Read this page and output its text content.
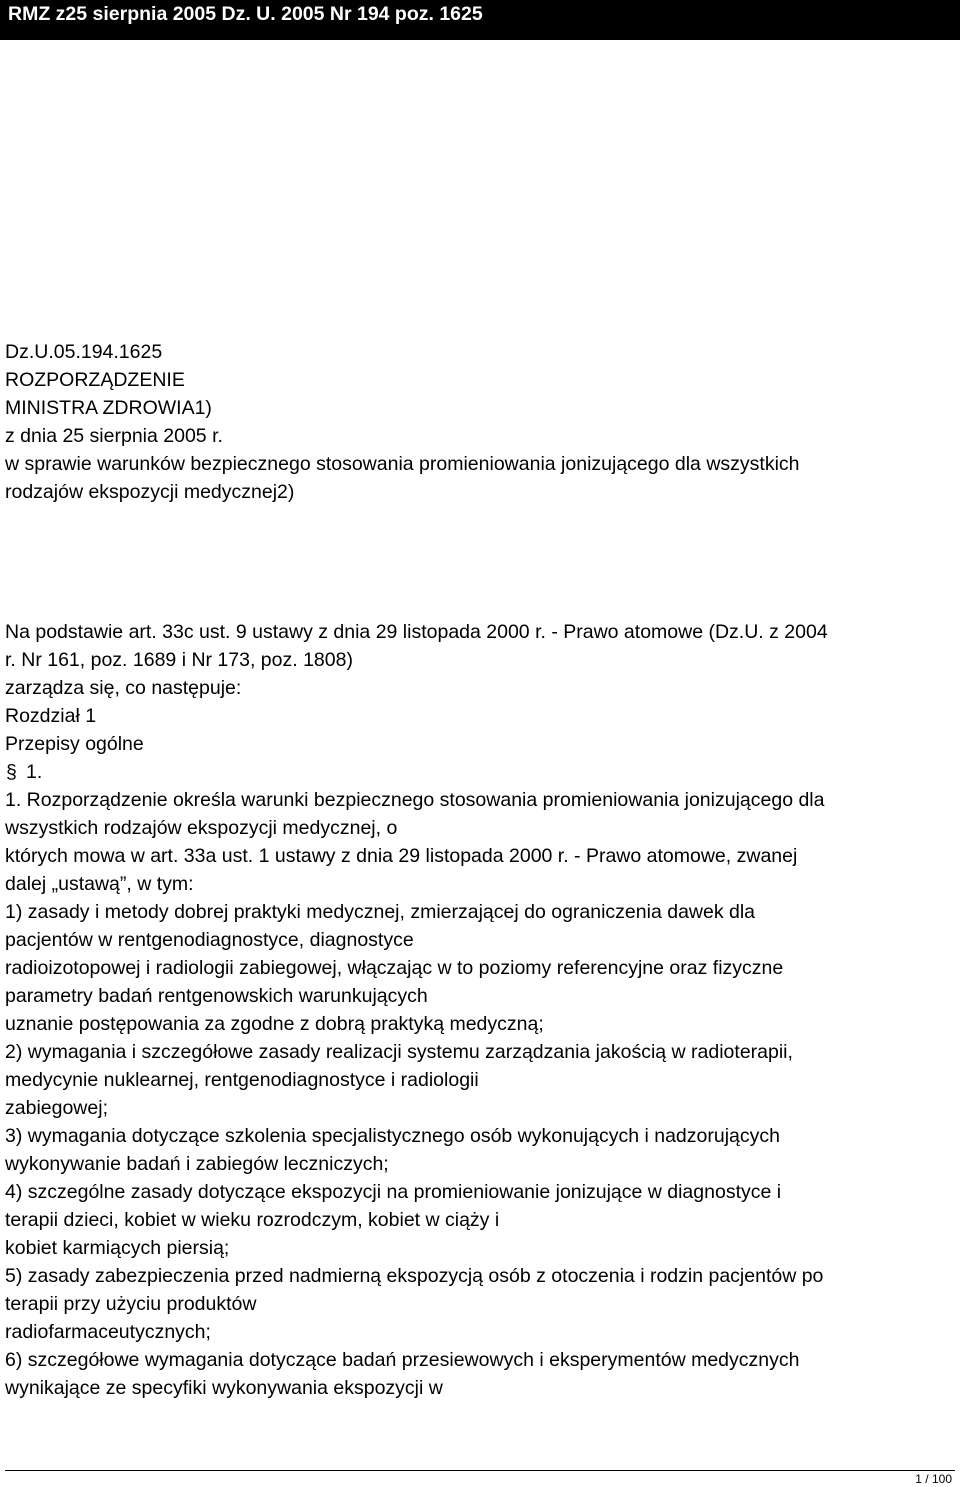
RMZ z25 sierpnia 2005 Dz. U. 2005 Nr 194 poz. 1625
Dz.U.05.194.1625
ROZPORZĄDZENIE
MINISTRA ZDROWIA1)
z dnia 25 sierpnia 2005 r.
w sprawie warunków bezpiecznego stosowania promieniowania jonizującego dla wszystkich
rodzajów ekspozycji medycznej2)
Na podstawie art. 33c ust. 9 ustawy z dnia 29 listopada 2000 r. - Prawo atomowe (Dz.U. z 2004
r. Nr 161, poz. 1689 i Nr 173, poz. 1808)
zarządza się, co następuje:
Rozdział 1
Przepisy ogólne
§ 1.
1. Rozporządzenie określa warunki bezpiecznego stosowania promieniowania jonizującego dla
wszystkich rodzajów ekspozycji medycznej, o
których mowa w art. 33a ust. 1 ustawy z dnia 29 listopada 2000 r. - Prawo atomowe, zwanej
dalej „ustawą”, w tym:
1) zasady i metody dobrej praktyki medycznej, zmierzającej do ograniczenia dawek dla
pacjentów w rentgenodiagnostyce, diagnostyce
radioizotopowej i radiologii zabiegowej, włączając w to poziomy referencyjne oraz fizyczne
parametry badań rentgenowskich warunkujących
uznanie postępowania za zgodne z dobrą praktyką medyczną;
2) wymagania i szczegółowe zasady realizacji systemu zarządzania jakością w radioterapii,
medycynie nuklearnej, rentgenodiagnostyce i radiologii
zabiegowej;
3) wymagania dotyczące szkolenia specjalistycznego osób wykonujących i nadzorujących
wykonywanie badań i zabiegów leczniczych;
4) szczególne zasady dotyczące ekspozycji na promieniowanie jonizujące w diagnostyce i
terapii dzieci, kobiet w wieku rozrodczym, kobiet w ciąży i
kobiet karmiących piersią;
5) zasady zabezpieczenia przed nadmierną ekspozycją osób z otoczenia i rodzin pacjentów po
terapii przy użyciu produktów
radiofarmaceutycznych;
6) szczegółowe wymagania dotyczące badań przesiewowych i eksperymentów medycznych
wynikające ze specyfiki wykonywania ekspozycji w
1 / 100
